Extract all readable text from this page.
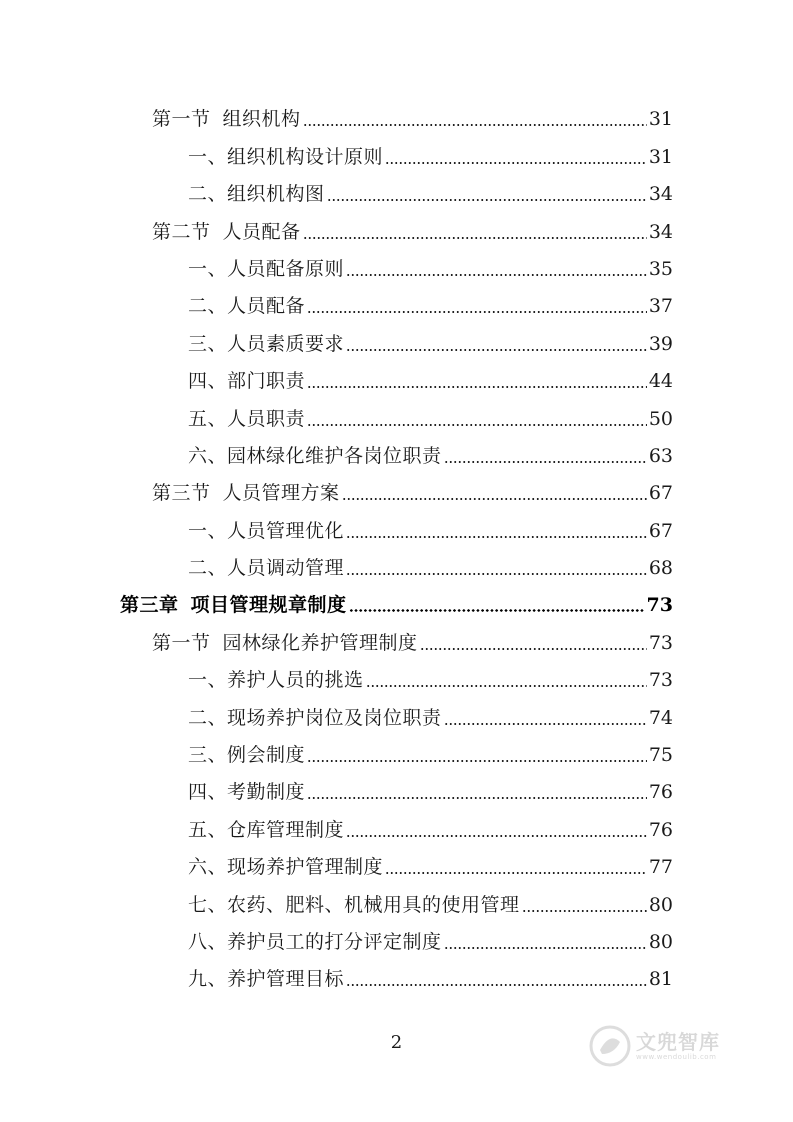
第一节 组织机构	31
一、组织机构设计原则	31
二、组织机构图	34
第二节 人员配备	34
一、人员配备原则	35
二、人员配备	37
三、人员素质要求	39
四、部门职责	44
五、人员职责	50
六、园林绿化维护各岗位职责	63
第三节 人员管理方案	67
一、人员管理优化	67
二、人员调动管理	68
第三章 项目管理规章制度	73
第一节 园林绿化养护管理制度	73
一、养护人员的挑选	73
二、现场养护岗位及岗位职责	74
三、例会制度	75
四、考勤制度	76
五、仓库管理制度	76
六、现场养护管理制度	77
七、农药、肥料、机械用具的使用管理	80
八、养护员工的打分评定制度	80
九、养护管理目标	81
2	文兜智库
www.wendoulib.com
